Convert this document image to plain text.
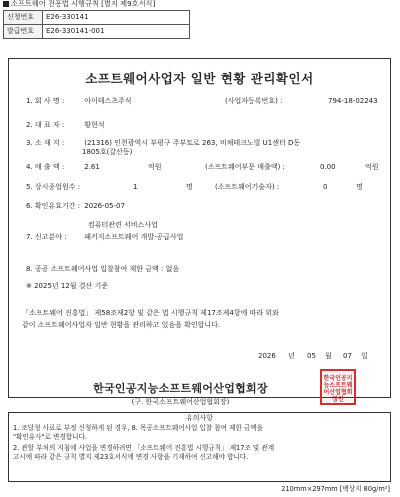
소프트웨어 진흥법 시행규칙 [별지 제9호서식]
신청번호	E26-330141
발급번호	E26-330141-001
소프트웨어사업자 일반 현황 관리확인서
1. 회 사 명 :	아이테스츠주식	(사업자등록번호) :	794-18-02243
2. 대 표 자 :	황현석
3. 소 재 지 :	(21316) 인천광역시 부평구 주부토로 263, 비채테크노빌 U1센터 D동
1805호(갈산동)
4. 매 출 액 :	2.61	억원	(소프트웨어부문 매출액) :	0.00	억원
5. 상시종업원수 :	1	명	(소프트웨어기술자) :	0	명
6. 확인유효기간 : 2026-05-07
컴퓨터관련 서비스사업
7. 신고분야 :	패키지소프트웨어 개발·공급사업
8. 공공 소프트웨어사업 입찰참여 제한 금액 : 없음
※ 2025년 12월 결산 기준
「소프트웨어 진흥법」 제58조제2항 및 같은 법 시행규칙 제17조제4항에 따라 위와
같이 소프트웨어사업자 일반 현황을 관리하고 있음을 확인합니다.
2026 년 05 월 07 일
한국인공지능소프트웨어산업협회장
(구. 한국소프트웨어산업협회장)
한국인공지능소프트웨어산업협회장인
유의사항
1. 조달청 사료로 부정 신청하게 된 경우, 8. 목공소프트웨어사업 입찰 참여 제한 금액을
"확인유사"로 변경합니다.
2. 관할 부처의 지침에 사업을 변경하려면 「소프트웨어 진흥법 시행규칙」 제17조 및 관계
고시에 따라 같은 규칙 별지 제23호서식에 변경 사항을 기재하여 신고해야 합니다.
210mm×297mm [백상지 80g/m²]
